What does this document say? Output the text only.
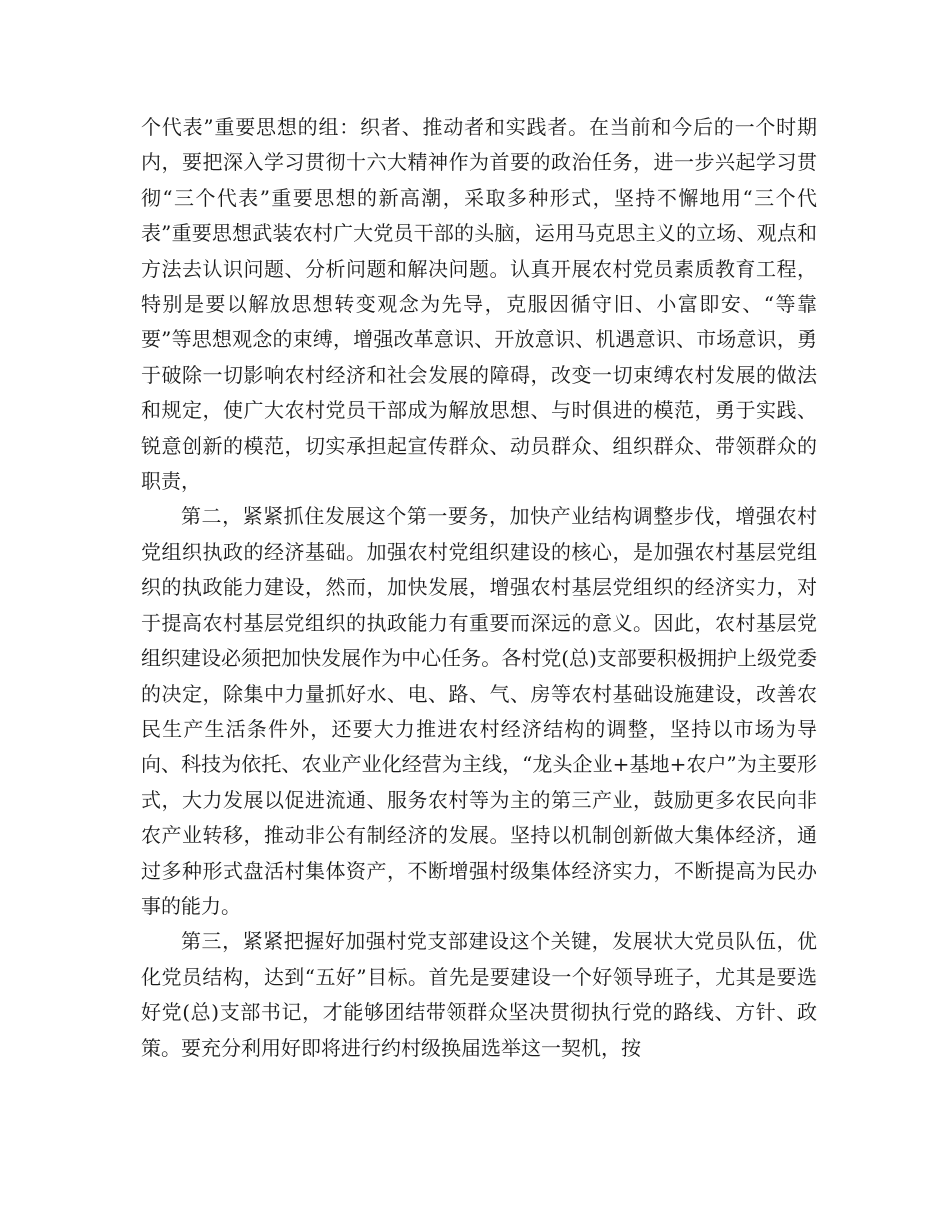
个代表”重要思想的组：织者、推动者和实践者。在当前和今后的一个时期内，要把深入学习贯彻十六大精神作为首要的政治任务，进一步兴起学习贯彻“三个代表”重要思想的新高潮，采取多种形式，坚持不懈地用“三个代表”重要思想武装农村广大党员干部的头脑，运用马克思主义的立场、观点和方法去认识问题、分析问题和解决问题。认真开展农村党员素质教育工程，特别是要以解放思想转变观念为先导，克服因循守旧、小富即安、“等靠要”等思想观念的束缚，增强改革意识、开放意识、机遇意识、市场意识，勇于破除一切影响农村经济和社会发展的障碍，改变一切束缚农村发展的做法和规定，使广大农村党员干部成为解放思想、与时俱进的模范，勇于实践、锐意创新的模范，切实承担起宣传群众、动员群众、组织群众、带领群众的职责，

第二，紧紧抓住发展这个第一要务，加快产业结构调整步伐，增强农村党组织执政的经济基础。加强农村党组织建设的核心，是加强农村基层党组织的执政能力建设，然而，加快发展，增强农村基层党组织的经济实力，对于提高农村基层党组织的执政能力有重要而深远的意义。因此，农村基层党组织建设必须把加快发展作为中心任务。各村党(总)支部要积极拥护上级党委的决定，除集中力量抓好水、电、路、气、房等农村基础设施建设，改善农民生产生活条件外，还要大力推进农村经济结构的调整，坚持以市场为导向、科技为依托、农业产业化经营为主线，“龙头企业+基地+农户”为主要形式，大力发展以促进流通、服务农村等为主的第三产业，鼓励更多农民向非农产业转移，推动非公有制经济的发展。坚持以机制创新做大集体经济，通过多种形式盘活村集体资产，不断增强村级集体经济实力，不断提高为民办事的能力。

第三，紧紧把握好加强村党支部建设这个关键，发展状大党员队伍，优化党员结构，达到“五好”目标。首先是要建设一个好领导班子，尤其是要选好党(总)支部书记，才能够团结带领群众坚决贯彻执行党的路线、方针、政策。要充分利用好即将进行约村级换届选举这一契机，按
